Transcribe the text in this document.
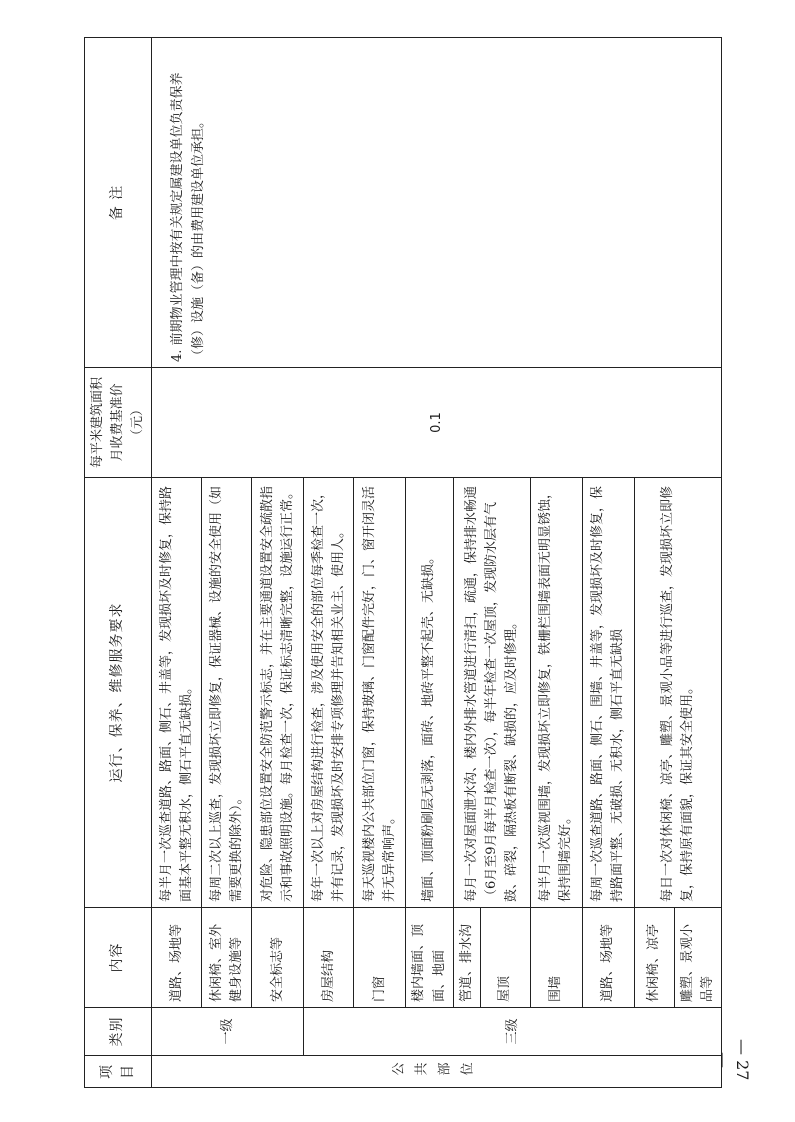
项目	类别	内容	运行、保养、维修服务要求	每平米建筑面积月收费基准价（元）	备 注

公共部位	一级	道路、场地等	每半月一次巡查道路、路面、侧石、井盖等，发现损坏及时修复，保持路面基本平整无积水，侧石平直无缺损。	0.1	4. 前期物业管理中按有关规定属建设单位负责保养（修）设施（备）的由费用建设单位承担。
		休闲椅、室外健身设施等	每周二次以上巡查，发现损坏立即修复，保证器械、设施的安全使用（如需要更换的除外）。		
		安全标志等	对危险、隐患部位设置安全防范警示标志，并在主要通道设置安全疏散指示和事故照明设施。每月检查一次，保证标志清晰完整，设施运行正常。		
	三级	房屋结构	每年一次以上对房屋结构进行检查，涉及使用安全的部位每季检查一次，并有记录，发现损坏及时安排专项修理并告知相关业主、使用人。		
		门窗	每天巡视楼内公共部位门窗，保持玻璃、门窗配件完好，门、窗开闭灵活并无异常响声。		
		楼内墙面、顶面、地面	墙面、顶面粉刷层无剥落，面砖、地砖平整不起壳、无缺损。		
		管道、排水沟	每月一次对屋面泄水沟、楼内外排水管道进行清扫，疏通，保持排水畅通（6月至9月每半月检查一次），每半年检查一次屋顶，发现防水层有气鼓、碎裂，隔热板有断裂、缺损的，应及时修理。		
		屋顶			
		围墙	每半月一次巡视围墙，发现损坏立即修复，铁栅栏围墙表面无明显锈蚀，保持围墙完好。		
		道路、场地等	每周一次巡查道路、路面、侧石、围墙、井盖等，发现损坏及时修复，保持路面平整、无破损、无积水，侧石平直无缺损		
		休闲椅、凉亭	每日一次对休闲椅、凉亭、雕塑、景观小品等进行巡查，发现损坏立即修复，保持原有面貌，保证其安全使用。		
		雕塑、景观小品等			
— 27 —
